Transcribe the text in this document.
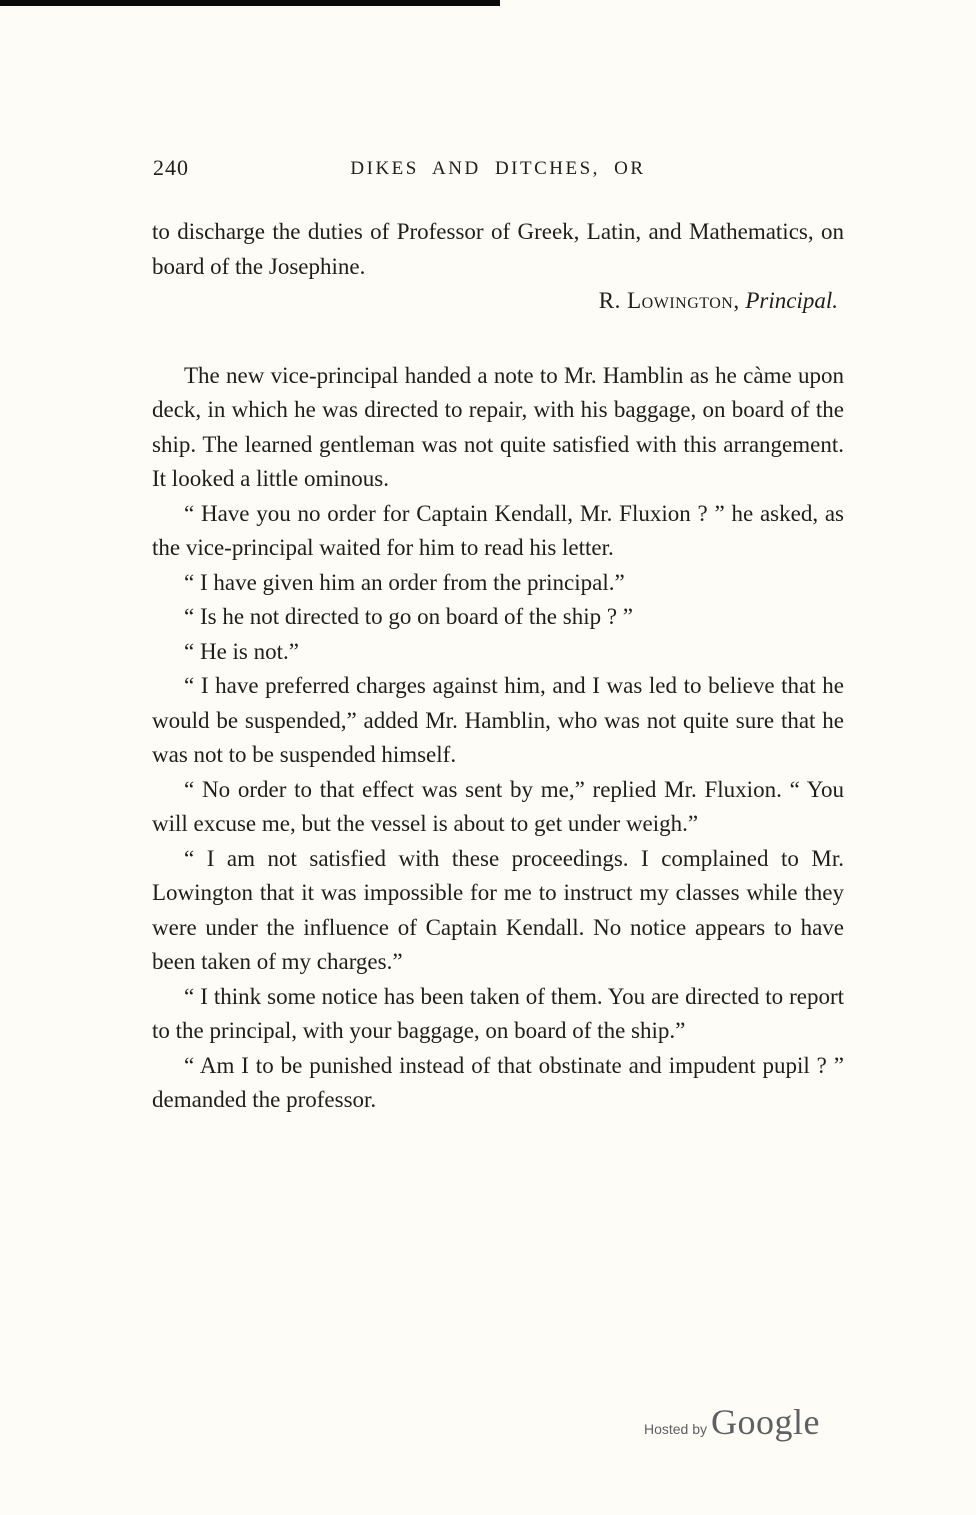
240	DIKES AND DITCHES, OR

to discharge the duties of Professor of Greek, Latin, and Mathematics, on board of the Josephine.

R. Lowington, Principal.

The new vice-principal handed a note to Mr. Hamblin as he càme upon deck, in which he was directed to repair, with his baggage, on board of the ship. The learned gentleman was not quite satisfied with this arrangement. It looked a little ominous.

“ Have you no order for Captain Kendall, Mr. Fluxion ? ” he asked, as the vice-principal waited for him to read his letter.

“ I have given him an order from the principal.”

“ Is he not directed to go on board of the ship ? ”

“ He is not.”

“ I have preferred charges against him, and I was led to believe that he would be suspended,” added Mr. Hamblin, who was not quite sure that he was not to be suspended himself.

“ No order to that effect was sent by me,” replied Mr. Fluxion. “ You will excuse me, but the vessel is about to get under weigh.”

“ I am not satisfied with these proceedings. I complained to Mr. Lowington that it was impossible for me to instruct my classes while they were under the influence of Captain Kendall. No notice appears to have been taken of my charges.”

“ I think some notice has been taken of them. You are directed to report to the principal, with your baggage, on board of the ship.”

“ Am I to be punished instead of that obstinate and impudent pupil ? ” demanded the professor.

Hosted by Google
